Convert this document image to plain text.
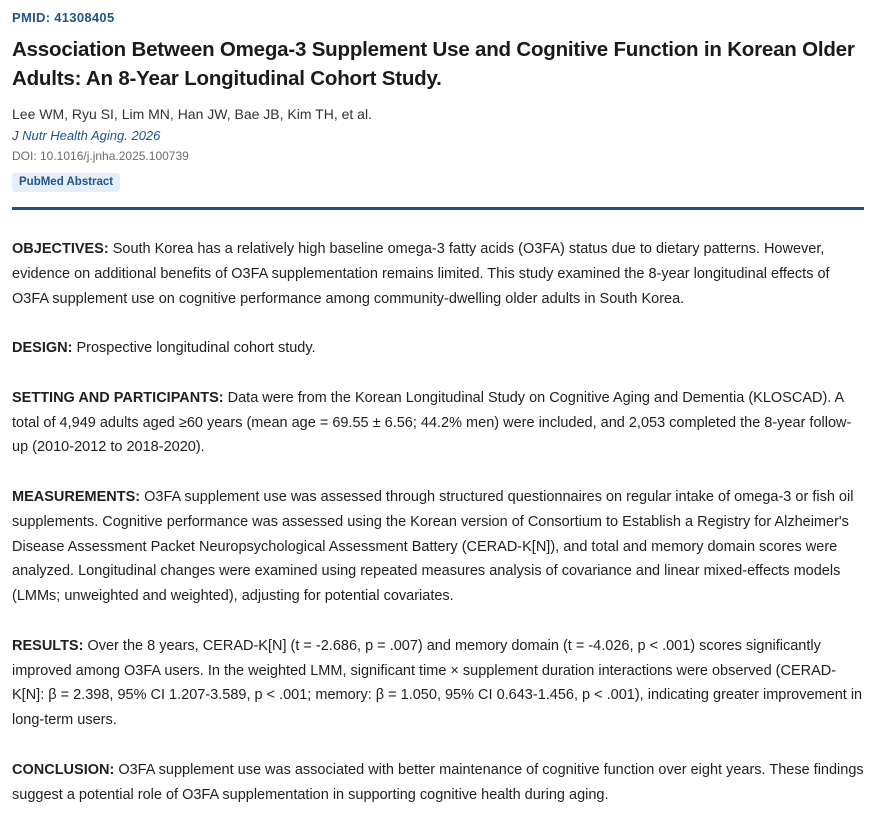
PMID: 41308405
Association Between Omega-3 Supplement Use and Cognitive Function in Korean Older Adults: An 8-Year Longitudinal Cohort Study.
Lee WM, Ryu SI, Lim MN, Han JW, Bae JB, Kim TH, et al.
J Nutr Health Aging. 2026
DOI: 10.1016/j.jnha.2025.100739
PubMed Abstract

OBJECTIVES: South Korea has a relatively high baseline omega-3 fatty acids (O3FA) status due to dietary patterns. However, evidence on additional benefits of O3FA supplementation remains limited. This study examined the 8-year longitudinal effects of O3FA supplement use on cognitive performance among community-dwelling older adults in South Korea.

DESIGN: Prospective longitudinal cohort study.

SETTING AND PARTICIPANTS: Data were from the Korean Longitudinal Study on Cognitive Aging and Dementia (KLOSCAD). A total of 4,949 adults aged ≥60 years (mean age = 69.55 ± 6.56; 44.2% men) were included, and 2,053 completed the 8-year follow-up (2010-2012 to 2018-2020).

MEASUREMENTS: O3FA supplement use was assessed through structured questionnaires on regular intake of omega-3 or fish oil supplements. Cognitive performance was assessed using the Korean version of Consortium to Establish a Registry for Alzheimer's Disease Assessment Packet Neuropsychological Assessment Battery (CERAD-K[N]), and total and memory domain scores were analyzed. Longitudinal changes were examined using repeated measures analysis of covariance and linear mixed-effects models (LMMs; unweighted and weighted), adjusting for potential covariates.

RESULTS: Over the 8 years, CERAD-K[N] (t = -2.686, p = .007) and memory domain (t = -4.026, p < .001) scores significantly improved among O3FA users. In the weighted LMM, significant time × supplement duration interactions were observed (CERAD-K[N]: β = 2.398, 95% CI 1.207-3.589, p < .001; memory: β = 1.050, 95% CI 0.643-1.456, p < .001), indicating greater improvement in long-term users.

CONCLUSION: O3FA supplement use was associated with better maintenance of cognitive function over eight years. These findings suggest a potential role of O3FA supplementation in supporting cognitive health during aging.
